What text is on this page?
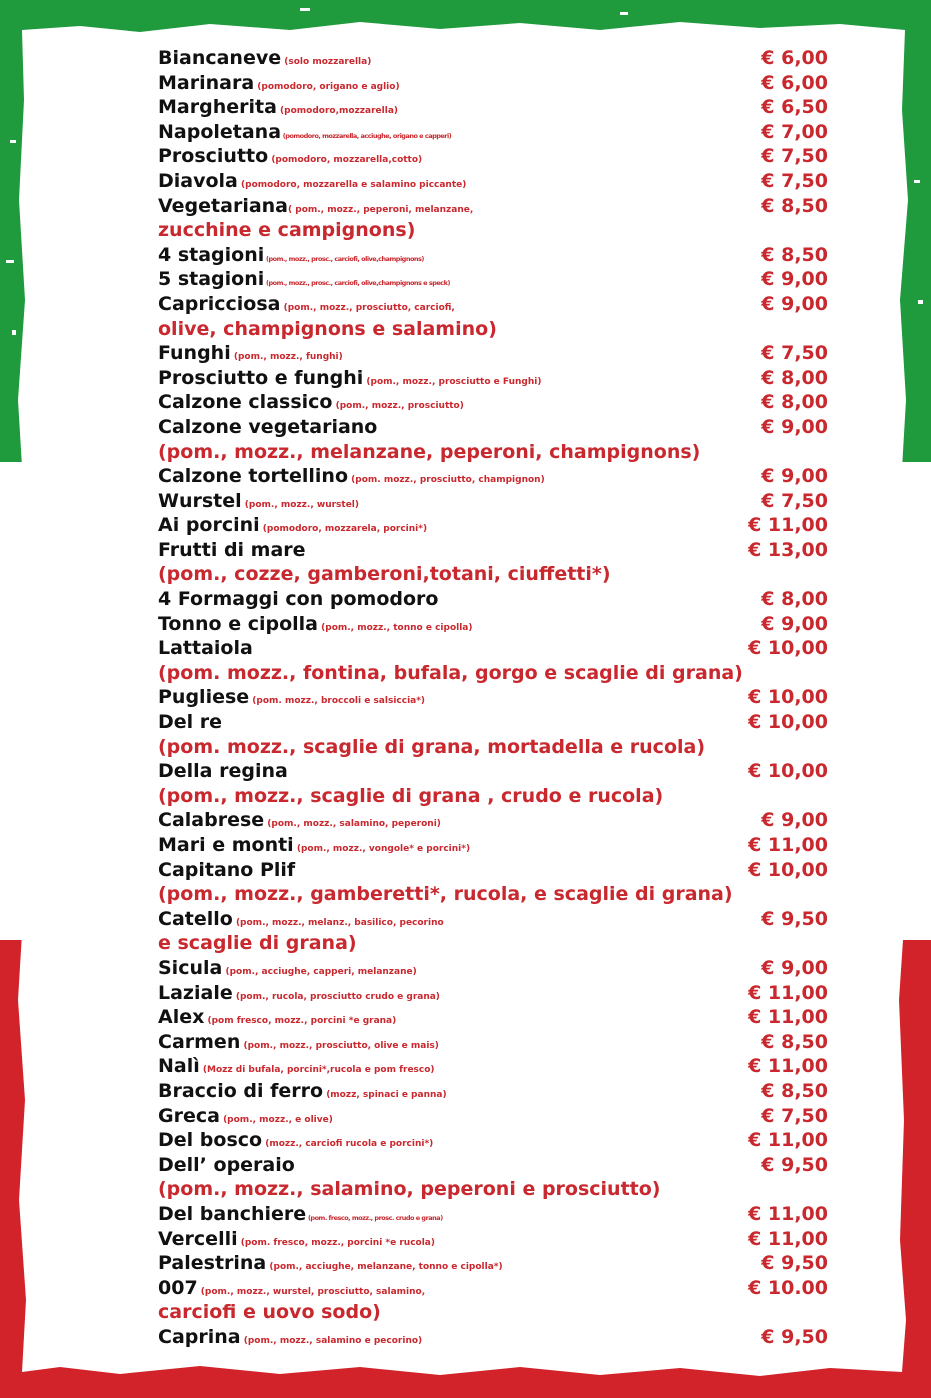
Biancaneve (solo mozzarella)	€ 6,00
Marinara (pomodoro, origano e aglio)	€ 6,00
Margherita (pomodoro,mozzarella)	€ 6,50
Napoletana (pomodoro, mozzarella, acciughe, origano e capperi)	€ 7,00
Prosciutto (pomodoro, mozzarella,cotto)	€ 7,50
Diavola (pomodoro, mozzarella e salamino piccante)	€ 7,50
Vegetariana( pom., mozz., peperoni, melanzane,	€ 8,50
zucchine e campignons)
4 stagioni (pom., mozz., prosc., carciofi, olive,champignons)	€ 8,50
5 stagioni (pom., mozz., prosc., carciofi, olive,champignons e speck)	€ 9,00
Capricciosa (pom., mozz., prosciutto, carciofi,	€ 9,00
olive, champignons e salamino)
Funghi (pom., mozz., funghi)	€ 7,50
Prosciutto e funghi (pom., mozz., prosciutto e Funghi)	€ 8,00
Calzone classico (pom., mozz., prosciutto)	€ 8,00
Calzone vegetariano	€ 9,00
(pom., mozz., melanzane, peperoni, champignons)
Calzone tortellino (pom. mozz., prosciutto, champignon)	€ 9,00
Wurstel (pom., mozz., wurstel)	€ 7,50
Ai porcini (pomodoro, mozzarela, porcini*)	€ 11,00
Frutti di mare	€ 13,00
(pom., cozze, gamberoni,totani, ciuffetti*)
4 Formaggi con pomodoro	€ 8,00
Tonno e cipolla (pom., mozz., tonno e cipolla)	€ 9,00
Lattaiola	€ 10,00
(pom. mozz., fontina, bufala, gorgo e scaglie di grana)
Pugliese (pom. mozz., broccoli e salsiccia*)	€ 10,00
Del re	€ 10,00
(pom. mozz., scaglie di grana, mortadella e rucola)
Della regina	€ 10,00
(pom., mozz., scaglie di grana , crudo e rucola)
Calabrese (pom., mozz., salamino, peperoni)	€ 9,00
Mari e monti (pom., mozz., vongole* e porcini*)	€ 11,00
Capitano Plif	€ 10,00
(pom., mozz., gamberetti*, rucola, e scaglie di grana)
Catello (pom., mozz., melanz., basilico, pecorino	€ 9,50
e scaglie di grana)
Sicula (pom., acciughe, capperi, melanzane)	€ 9,00
Laziale (pom., rucola, prosciutto crudo e grana)	€ 11,00
Alex (pom fresco, mozz., porcini *e grana)	€ 11,00
Carmen (pom., mozz., prosciutto, olive e mais)	€ 8,50
Nalì (Mozz di bufala, porcini*,rucola e pom fresco)	€ 11,00
Braccio di ferro (mozz, spinaci e panna)	€ 8,50
Greca (pom., mozz., e olive)	€ 7,50
Del bosco (mozz., carciofi rucola e porcini*)	€ 11,00
Dell’ operaio	€ 9,50
(pom., mozz., salamino, peperoni e prosciutto)
Del banchiere (pom. fresco, mozz., prosc. crudo e grana)	€ 11,00
Vercelli (pom. fresco, mozz., porcini *e rucola)	€ 11,00
Palestrina (pom., acciughe, melanzane, tonno e cipolla*)	€ 9,50
007 (pom., mozz., wurstel, prosciutto, salamino,	€ 10.00
carciofi e uovo sodo)
Caprina (pom., mozz., salamino e pecorino)	€ 9,50
